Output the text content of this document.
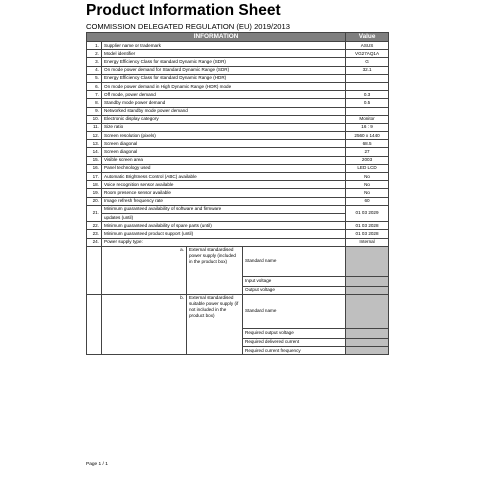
Product Information Sheet
COMMISSION DELEGATED REGULATION (EU) 2019/2013
INFORMATION				Value	
1.	Supplier name or trademark			ASUS	
2.	Model identifier			VG27AQ1A	
3.	Energy Efficiency Class for standard Dynamic Range (SDR)			G	
4.	On mode power demand for Standard Dynamic Range (SDR)			32.1	
5.	Energy Efficiency Class for standard Dynamic Range (HDR)				
6.	On mode power demand in High Dynamic Range (HDR) mode		
7.	Off mode, power demand			0.3	
8.	Standby mode power demand			0.5	
9.	Networked standby mode power demand		
10.	Electronic display category			Monitor	
11.	Size ratio			16 : 9	
12.	Screen resolution (pixels)			2560 x 1440	
13.	Screen diagonal			68.5	
14.	Screen diagonal			27	
15.	Visible screen area			2003	
16.	Panel technology used			LED LCD	
17.	Automatic Brightness Control (ABC) available			No	
18.	Voice recognition sensor available			No	
19.	Room presence sensor available			No	
20.	Image refresh frequency rate			60	
21.	Minimum guaranteed availability of software and firmware			01 03 2029	
	updates (until)				
22.	Minimum guaranteed availability of spare parts (until)			01 03 2028	
23.	Minimum guaranteed product support (until)			01 03 2028	
24.	Power supply type:			Internal	
	a.	External standardised power supply (included in the product box)	Standard name		
			Input voltage		
			Output voltage		
	b.	External standardised suitable power supply (if not included in the product box)	Standard name		
			Required output voltage		
			Required delivered current		
			Required current frequency		
Page 1 / 1
